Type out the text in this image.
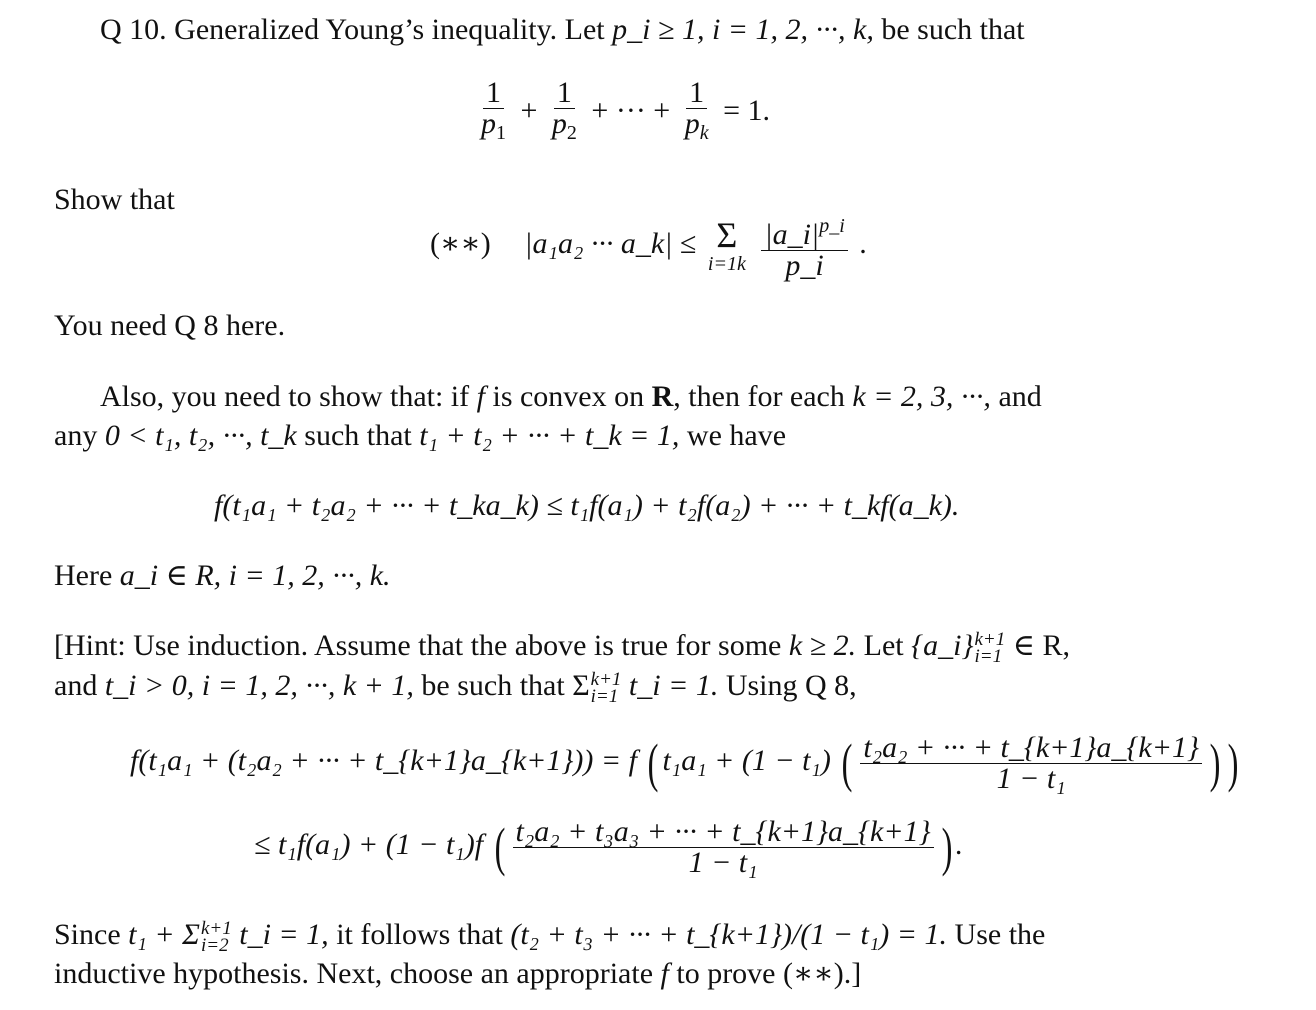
Q 10. Generalized Young’s inequality. Let p_i ≥ 1, i = 1, 2, ···, k, be such that
$\frac{1}{p_1} + \frac{1}{p_2}$ + ··· + $\frac{1}{p_k} = 1$.
Show that
(∗∗) |a₁a₂ ··· a_k| ≤ Σ
i=1k
$\frac{|a\_i|^{p\_i}}{p\_i}$ .
You need Q 8 here.
Also, you need to show that: if f is convex on R, then for each k = 2, 3, ···, and
any 0 < t₁, t₂, ···, t_k such that t₁ + t₂ + ··· + t_k = 1, we have
f(t₁a₁ + t₂a₂ + ··· + t_ka_k) ≤ t₁f(a₁) + t₂f(a₂) + ··· + t_kf(a_k).
Here a_i ∈ R, i = 1, 2, ···, k.
[Hint: Use induction. Assume that the above is true for some k ≥ 2. Let {a_i} k+1
i=1 ∈ R,
and t_i > 0, i = 1, 2, ···, k + 1, be such that Σ k+1
i=1 t_i = 1. Using Q 8,
f(t₁a₁ + (t₂a₂ + ··· + t_{k+1}a_{k+1})) = f ( t₁a₁ + (1 − t₁) ( $\frac{\text{t₂a₂ + ··· + t\_\{k+1\}a\_\{k+1\}}}{\text{1 − t₁}}$ ) )
≤ t₁f(a₁) + (1 − t₁)f ( $\frac{\text{t₂a₂ + t₃a₃ + ··· + t\_\{k+1\}a\_\{k+1\}}}{\text{1 − t₁}}$ ) .
Since t₁ + Σ k+1
i=2 t_i = 1, it follows that (t₂ + t₃ + ··· + t_{k+1})/(1 − t₁) = 1. Use the
inductive hypothesis. Next, choose an appropriate f to prove (∗∗).]
